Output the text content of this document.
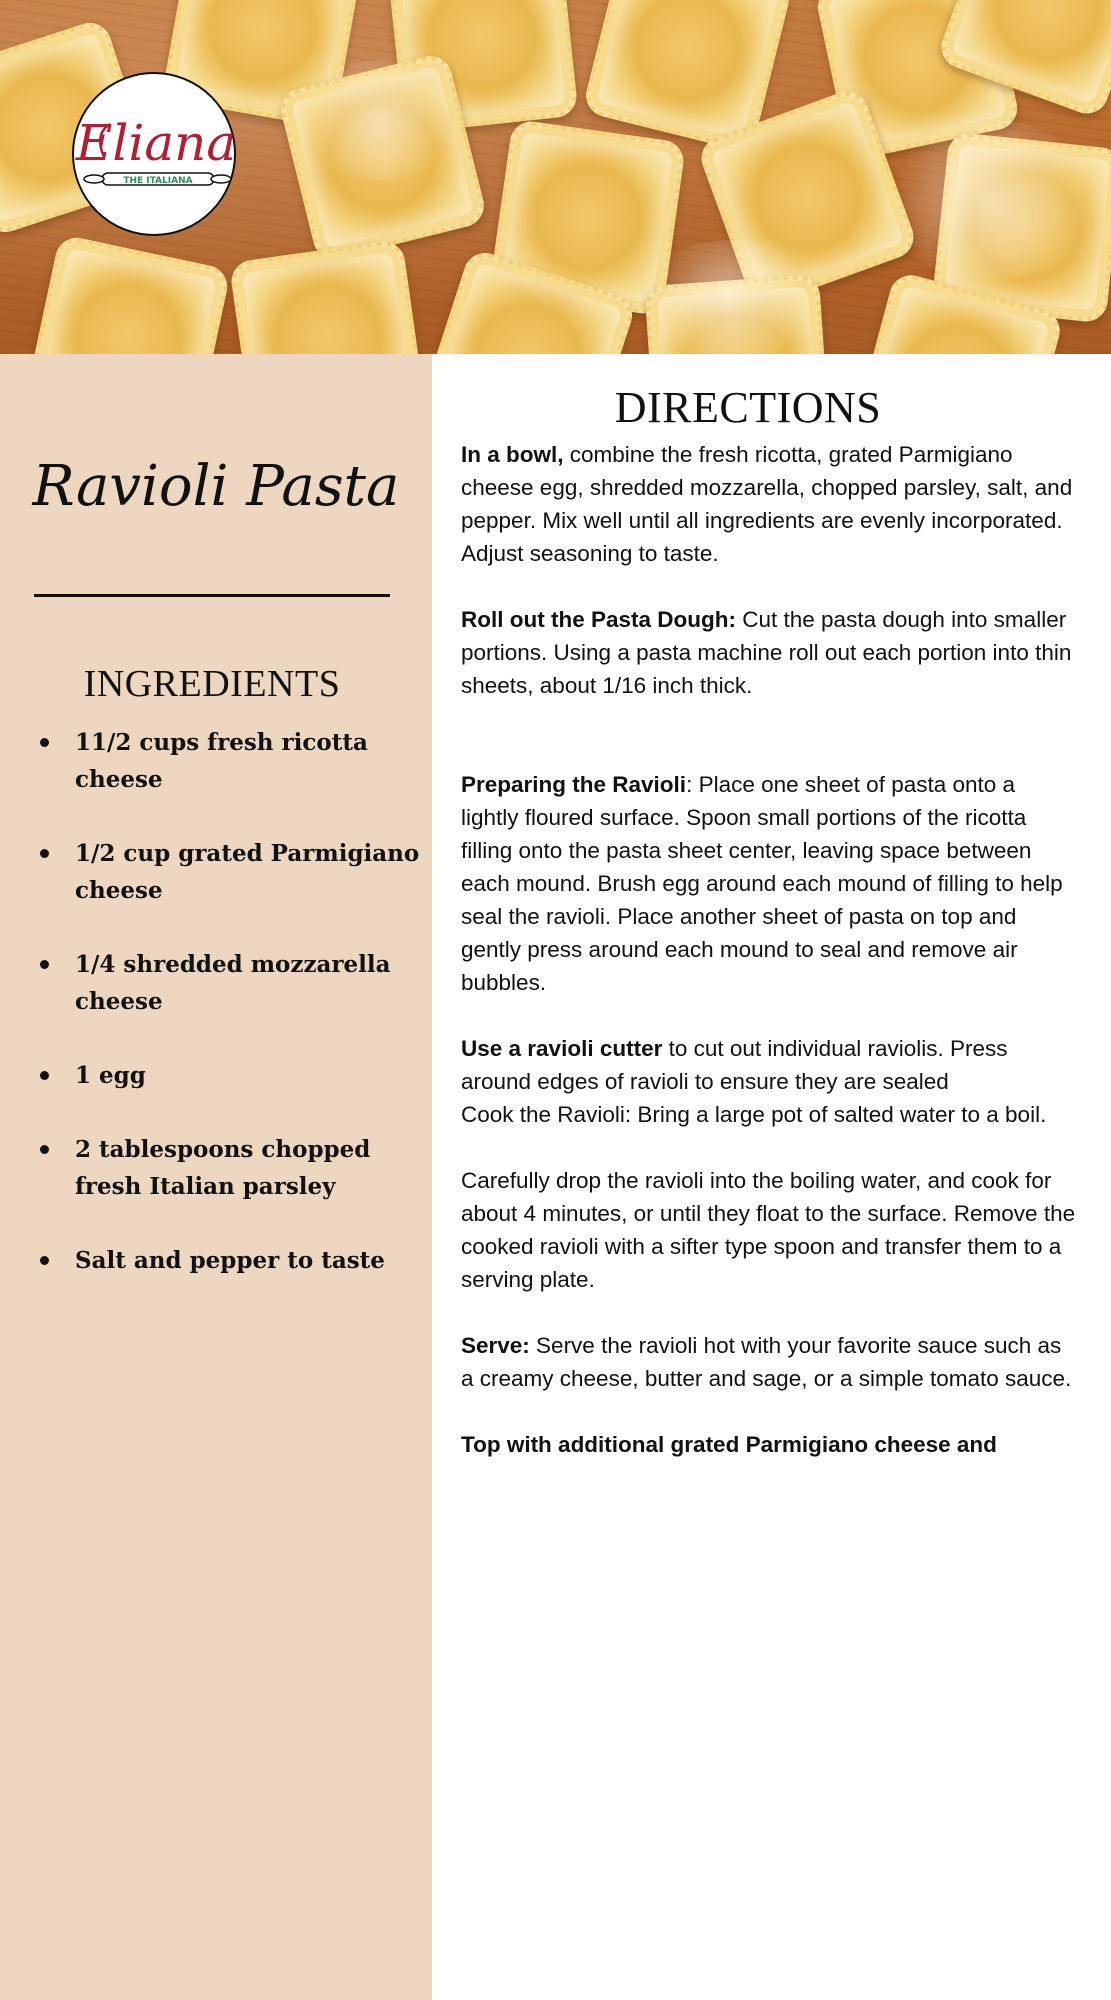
Eliana
THE ITALIANA
Ravioli Pasta
INGREDIENTS
11/2 cups fresh ricotta cheese
1/2 cup grated Parmigiano cheese
1/4 shredded mozzarella cheese
1 egg
2 tablespoons chopped fresh Italian parsley
Salt and pepper to taste
DIRECTIONS

In a bowl, combine the fresh ricotta, grated Parmigiano cheese egg, shredded mozzarella, chopped parsley, salt, and pepper. Mix well until all ingredients are evenly incorporated.

Adjust seasoning to taste.

Roll out the Pasta Dough: Cut the pasta dough into smaller portions. Using a pasta machine roll out each portion into thin sheets, about 1/16 inch thick.

Preparing the Ravioli: Place one sheet of pasta onto a lightly floured surface. Spoon small portions of the ricotta filling onto the pasta sheet center, leaving space between each mound. Brush egg around each mound of filling to help seal the ravioli. Place another sheet of pasta on top and gently press around each mound to seal and remove air bubbles.

Use a ravioli cutter to cut out individual raviolis. Press around edges of ravioli to ensure they are sealed

Cook the Ravioli: Bring a large pot of salted water to a boil.

Carefully drop the ravioli into the boiling water, and cook for about 4 minutes, or until they float to the surface. Remove the cooked ravioli with a sifter type spoon and transfer them to a serving plate.

Serve: Serve the ravioli hot with your favorite sauce such as a creamy cheese, butter and sage, or a simple tomato sauce.

Top with additional grated Parmigiano cheese and
